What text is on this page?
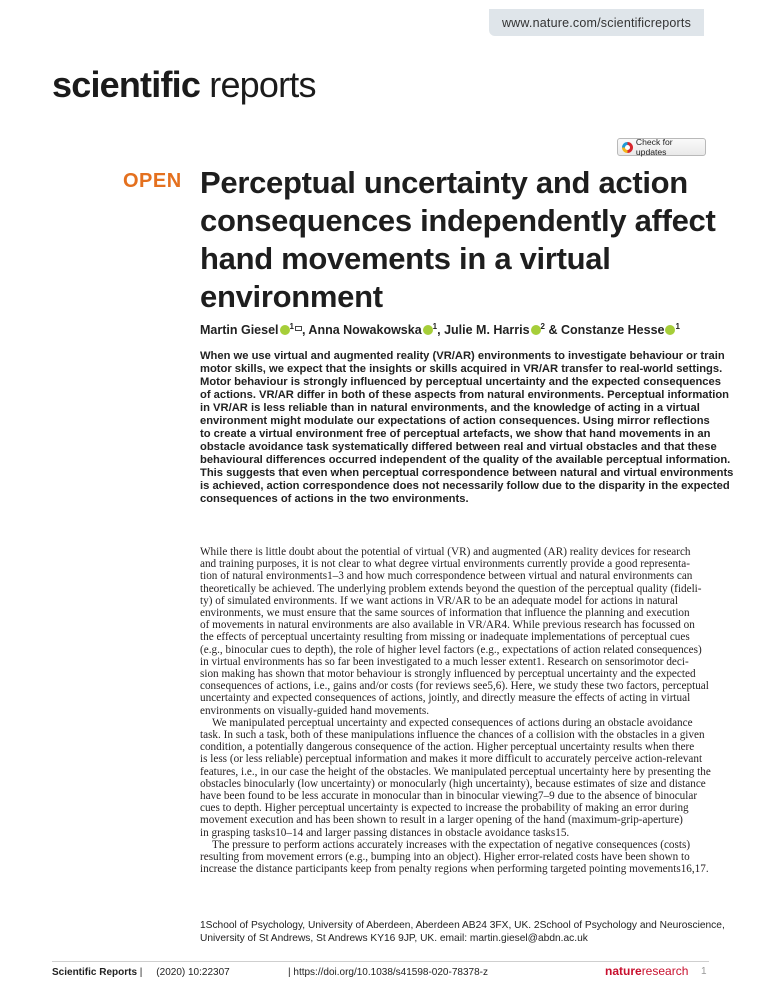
www.nature.com/scientificreports
scientific reports
Check for updates
OPEN Perceptual uncertainty and action consequences independently affect hand movements in a virtual environment
Martin Giesel $^1$ , Anna Nowakowska $^1$, Julie M. Harris $^2$ & Constanze Hesse $^1$
When we use virtual and augmented reality (VR/AR) environments to investigate behaviour or train
motor skills, we expect that the insights or skills acquired in VR/AR transfer to real-world settings.
Motor behaviour is strongly influenced by perceptual uncertainty and the expected consequences
of actions. VR/AR differ in both of these aspects from natural environments. Perceptual information
in VR/AR is less reliable than in natural environments, and the knowledge of acting in a virtual
environment might modulate our expectations of action consequences. Using mirror reflections
to create a virtual environment free of perceptual artefacts, we show that hand movements in an
obstacle avoidance task systematically differed between real and virtual obstacles and that these
behavioural differences occurred independent of the quality of the available perceptual information.
This suggests that even when perceptual correspondence between natural and virtual environments
is achieved, action correspondence does not necessarily follow due to the disparity in the expected
consequences of actions in the two environments.
While there is little doubt about the potential of virtual (VR) and augmented (AR) reality devices for research
and training purposes, it is not clear to what degree virtual environments currently provide a good representa-
tion of natural environments1–3 and how much correspondence between virtual and natural environments can
theoretically be achieved. The underlying problem extends beyond the question of the perceptual quality (fideli-
ty) of simulated environments. If we want actions in VR/AR to be an adequate model for actions in natural
environments, we must ensure that the same sources of information that influence the planning and execution
of movements in natural environments are also available in VR/AR4. While previous research has focussed on
the effects of perceptual uncertainty resulting from missing or inadequate implementations of perceptual cues
(e.g., binocular cues to depth), the role of higher level factors (e.g., expectations of action related consequences)
in virtual environments has so far been investigated to a much lesser extent1. Research on sensorimotor deci-
sion making has shown that motor behaviour is strongly influenced by perceptual uncertainty and the expected
consequences of actions, i.e., gains and/or costs (for reviews see5,6). Here, we study these two factors, perceptual
uncertainty and expected consequences of actions, jointly, and directly measure the effects of acting in virtual
environments on visually-guided hand movements.
We manipulated perceptual uncertainty and expected consequences of actions during an obstacle avoidance
task. In such a task, both of these manipulations influence the chances of a collision with the obstacles in a given
condition, a potentially dangerous consequence of the action. Higher perceptual uncertainty results when there
is less (or less reliable) perceptual information and makes it more difficult to accurately perceive action-relevant
features, i.e., in our case the height of the obstacles. We manipulated perceptual uncertainty here by presenting the
obstacles binocularly (low uncertainty) or monocularly (high uncertainty), because estimates of size and distance
have been found to be less accurate in monocular than in binocular viewing7–9 due to the absence of binocular
cues to depth. Higher perceptual uncertainty is expected to increase the probability of making an error during
movement execution and has been shown to result in a larger opening of the hand (maximum-grip-aperture)
in grasping tasks10–14 and larger passing distances in obstacle avoidance tasks15.
The pressure to perform actions accurately increases with the expectation of negative consequences (costs)
resulting from movement errors (e.g., bumping into an object). Higher error-related costs have been shown to
increase the distance participants keep from penalty regions when performing targeted pointing movements16,17.
1School of Psychology, University of Aberdeen, Aberdeen AB24 3FX, UK. 2School of Psychology and Neuroscience,
University of St Andrews, St Andrews KY16 9JP, UK. email: martin.giesel@abdn.ac.uk
Scientific Reports |     (2020) 10:22307	| https://doi.org/10.1038/s41598-020-78378-z	natureresearch 1
